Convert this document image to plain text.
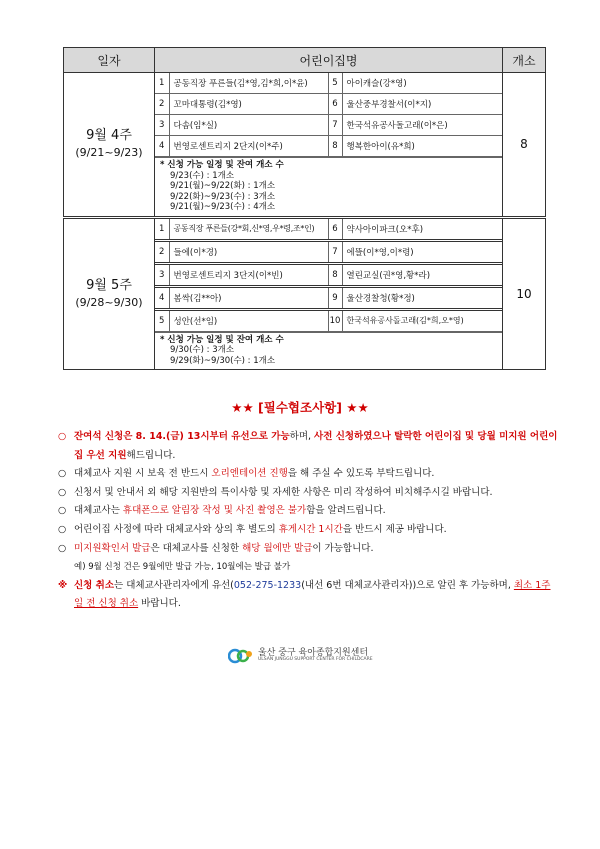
일자	어린이집명	개소

9월 4주
(9/21~9/23)

1	공동직장 푸른들(김*영,김*희,이*윤)	5	아이캐슬(강*영)
2	꼬마대통령(김*영)	6	울산중부경찰서(이*지)
3	다솜(임*실)	7	한국석유공사돌고래(이*은)
4	번영로센트리지 2단지(이*주)	8	행복한아이(유*희)
* 신청 가능 일정 및 잔여 개소 수
9/23(수) : 1개소
9/21(월)~9/22(화) : 1개소
9/22(화)~9/23(수) : 3개소
9/21(월)~9/23(수) : 4개소
	8

9월 5주
(9/28~9/30)

1	공동직장 푸른들(강*회,신*영,우*령,조*인)	6	약사아이파크(오*후)
2	들에(이*경)	7	에뜰(이*영,이*령)
3	번영로센트리지 3단지(이*빈)	8	열린교실(권*영,황*라)
4	봄싹(김**아)	9	울산경찰청(황*정)
5	성안(선*임)	10	한국석유공사돌고래(김*희,오*영)
* 신청 가능 일정 및 잔여 개소 수
9/30(수) : 3개소
9/29(화)~9/30(수) : 1개소
	10
★★ [필수협조사항] ★★
○ 잔여석 신청은 8. 14.(금) 13시부터 유선으로 가능하며, 사전 신청하였으나 탈락한 어린이집 및 당월 미지원 어린이집 우선 지원해드립니다.
○ 대체교사 지원 시 보육 전 반드시 오리엔테이션 진행을 해 주실 수 있도록 부탁드립니다.
○ 신청서 및 안내서 외 해당 지원반의 특이사항 및 자세한 사항은 미리 작성하여 비치해주시길 바랍니다.
○ 대체교사는 휴대폰으로 알림장 작성 및 사진 촬영은 불가함을 알려드립니다.
○ 어린이집 사정에 따라 대체교사와 상의 후 별도의 휴게시간 1시간을 반드시 제공 바랍니다.
○ 미지원확인서 발급은 대체교사를 신청한 해당 월에만 발급이 가능합니다.
예) 9월 신청 건은 9월에만 발급 가능, 10월에는 발급 불가
※ 신청 취소는 대체교사관리자에게 유선(052-275-1233(내선 6번 대체교사관리자))으로 알린 후 가능하며, 최소 1주일 전 신청 취소 바랍니다.
울산 중구 육아종합지원센터
ULSAN JUNGGU SUPPORT CENTER FOR CHILDCARE
